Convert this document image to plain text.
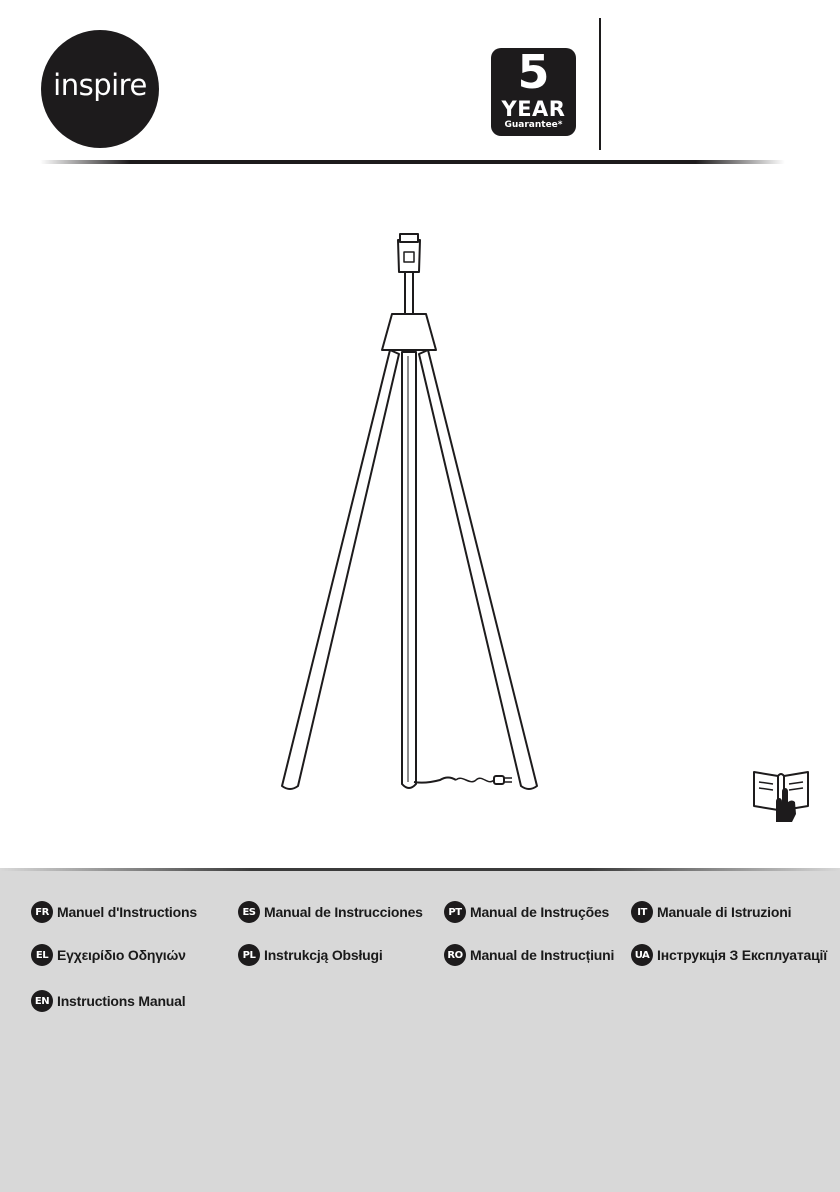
inspire	5
YEAR
Guarantee*
FR Manuel d'Instructions	ES Manual de Instrucciones	PT Manual de Instruções	IT Manuale di Istruzioni
EL Εγχειρίδιο Οδηγιών	PL Instrukcją Obsługi	RO Manual de Instrucțiuni	UA Інструкція З Експлуатації
EN Instructions Manual
